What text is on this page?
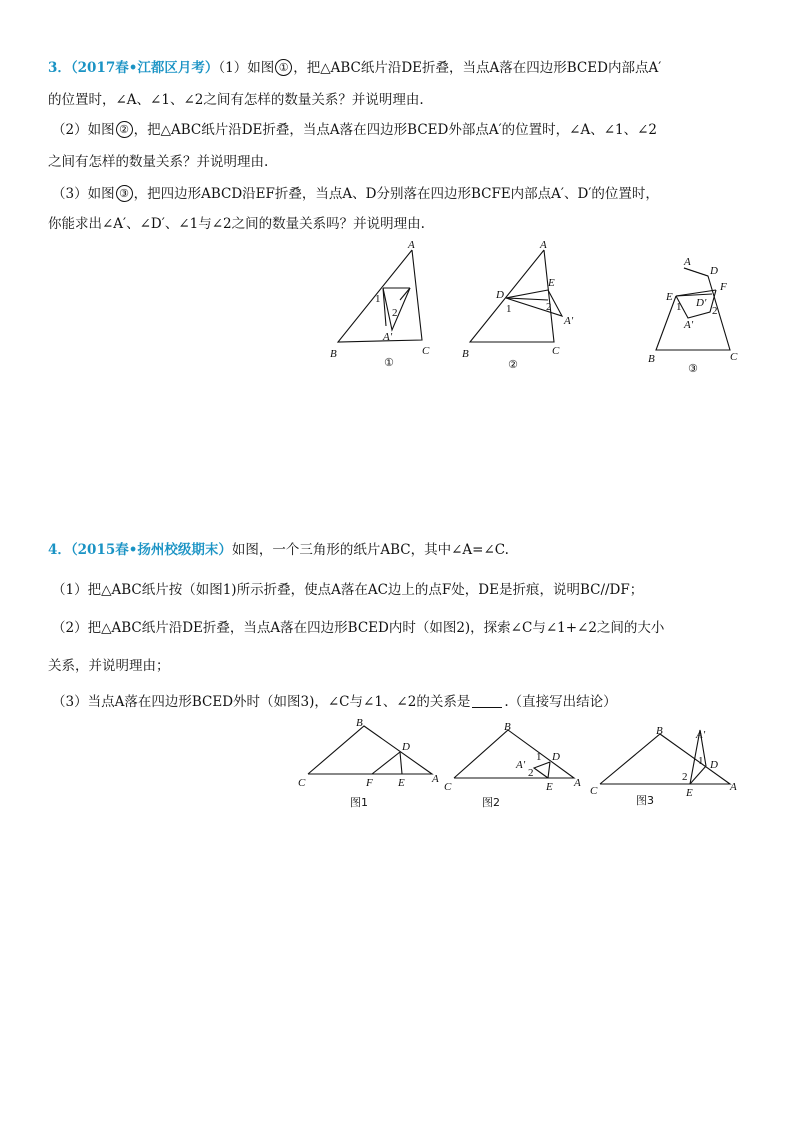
3．（2017春•江都区月考）（1）如图 ① ，把△ABC纸片沿DE折叠，当点A落在四边形BCED内部点A′
的位置时，∠A、∠1、∠2之间有怎样的数量关系？并说明理由.
（2）如图 ② ，把△ABC纸片沿DE折叠，当点A落在四边形BCED外部点A′的位置时，∠A、∠1、∠2
之间有怎样的数量关系？并说明理由.
（3）如图 ③ ，把四边形ABCD沿EF折叠，当点A、D分别落在四边形BCFE内部点A′、D′的位置时，
你能求出∠A′、∠D′、∠1与∠2之间的数量关系吗？并说明理由.
A
B	C
A′
1
2
①
A
B	C
D
E
A′
1	2
②
A
D
E
F
D′
A′
B	C
1	2
③
4．（2015春•扬州校级期末）如图，一个三角形的纸片ABC，其中∠A=∠C.
（1）把△ABC纸片按（如图1)所示折叠，使点A落在AC边上的点F处，DE是折痕，说明BC//DF；
（2）把△ABC纸片沿DE折叠，当点A落在四边形BCED内时（如图2)，探索∠C与∠1+∠2之间的大小
关系，并说明理由；
（3）当点A落在四边形BCED外时（如图3)，∠C与∠1、∠2的关系是	.（直接写出结论）
B
C	A
D
E
F
图1
B
C	A
D
E
A′
1
2
图2
B
C	A
D
E
A′
1
2
图3
